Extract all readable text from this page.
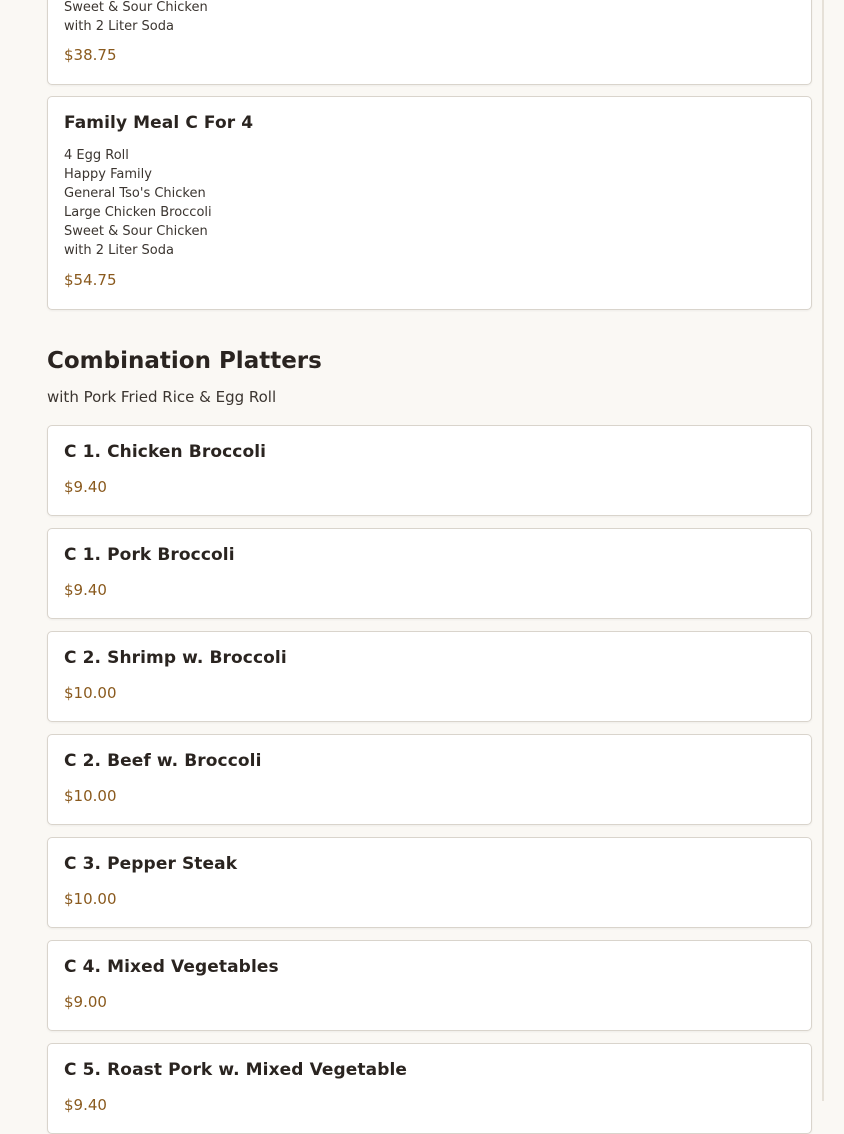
Sweet & Sour Chicken
with 2 Liter Soda
$38.75
Family Meal C For 4
4 Egg Roll
Happy Family
General Tso's Chicken
Large Chicken Broccoli
Sweet & Sour Chicken
with 2 Liter Soda
$54.75
Combination Platters
with Pork Fried Rice & Egg Roll
C 1. Chicken Broccoli
$9.40
C 1. Pork Broccoli
$9.40
C 2. Shrimp w. Broccoli
$10.00
C 2. Beef w. Broccoli
$10.00
C 3. Pepper Steak
$10.00
C 4. Mixed Vegetables
$9.00
C 5. Roast Pork w. Mixed Vegetable
$9.40
